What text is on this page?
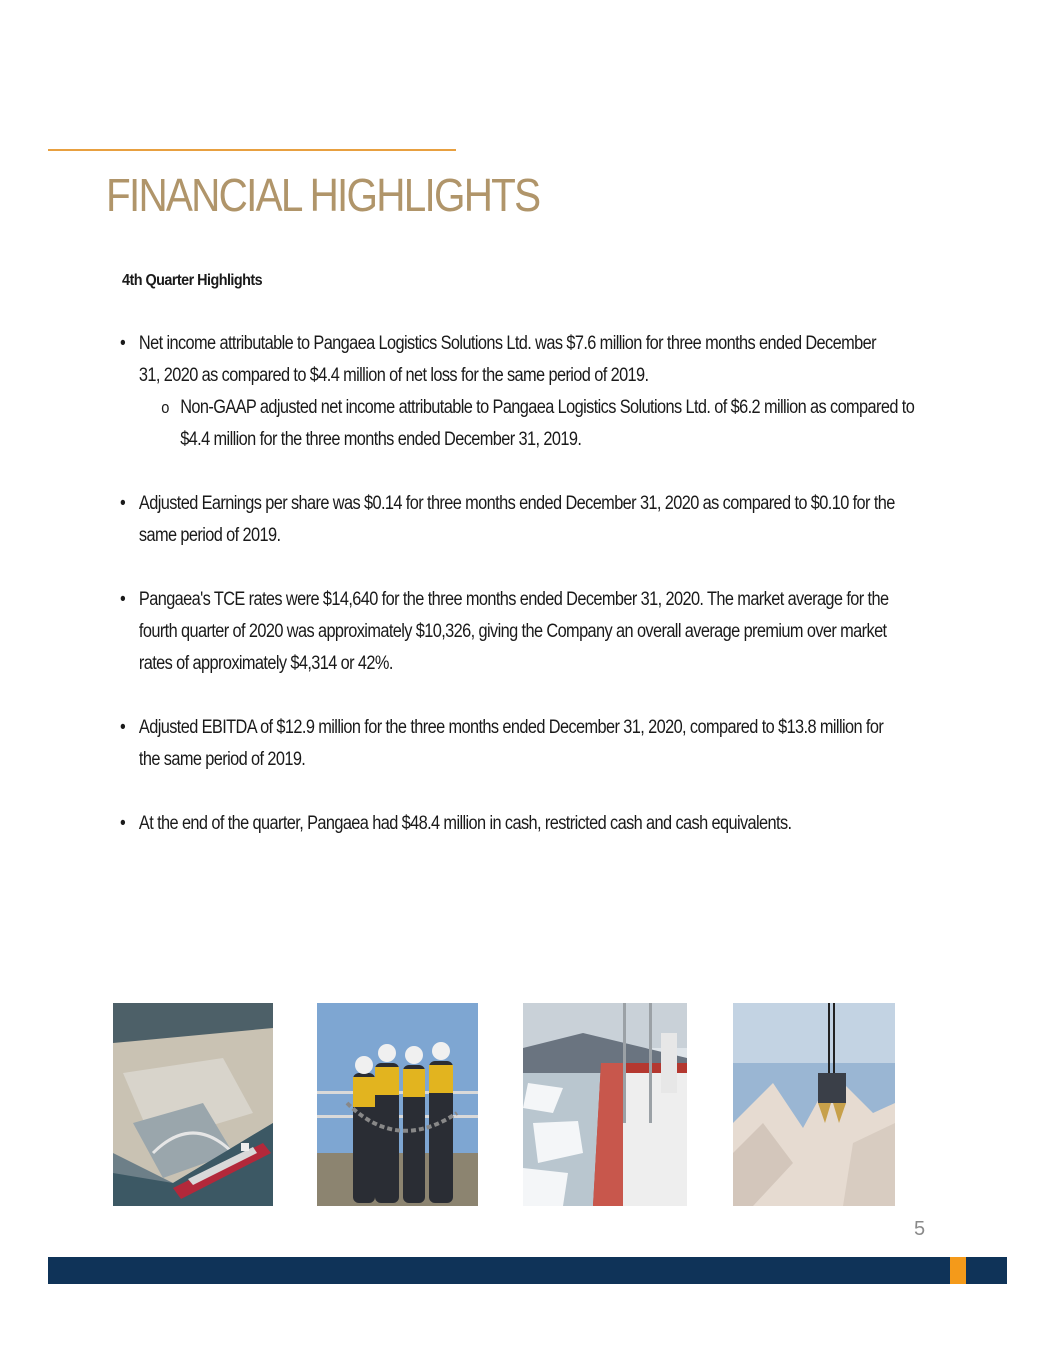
FINANCIAL HIGHLIGHTS
4th Quarter Highlights

• Net income attributable to Pangaea Logistics Solutions Ltd. was $7.6 million for three months ended December 31, 2020 as compared to $4.4 million of net loss for the same period of 2019.

o Non-GAAP adjusted net income attributable to Pangaea Logistics Solutions Ltd. of $6.2 million as compared to $4.4 million for the three months ended December 31, 2019.

• Adjusted Earnings per share was $0.14 for three months ended December 31, 2020 as compared to $0.10 for the same period of 2019.

• Pangaea's TCE rates were $14,640 for the three months ended December 31, 2020. The market average for the fourth quarter of 2020 was approximately $10,326, giving the Company an overall average premium over market rates of approximately $4,314 or 42%.

• Adjusted EBITDA of $12.9 million for the three months ended December 31, 2020, compared to $13.8 million for the same period of 2019.

• At the end of the quarter, Pangaea had $48.4 million in cash, restricted cash and cash equivalents.

5
